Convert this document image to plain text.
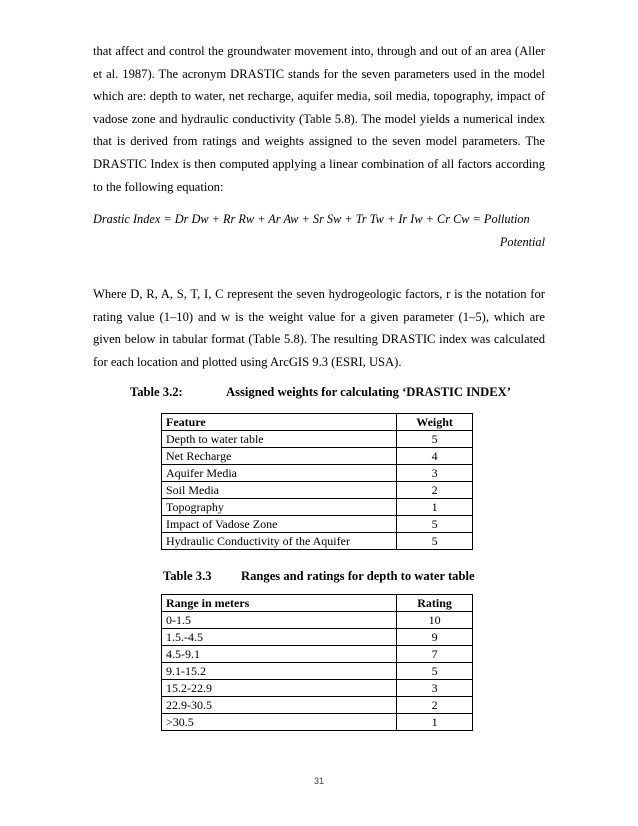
that affect and control the groundwater movement into, through and out of an area (Aller et al. 1987). The acronym DRASTIC stands for the seven parameters used in the model which are: depth to water, net recharge, aquifer media, soil media, topography, impact of vadose zone and hydraulic conductivity (Table 5.8). The model yields a numerical index that is derived from ratings and weights assigned to the seven model parameters. The DRASTIC Index is then computed applying a linear combination of all factors according to the following equation:

Drastic Index = Dr Dw + Rr Rw + Ar Aw + Sr Sw + Tr Tw + Ir Iw + Cr Cw = Pollution
Potential

Where D, R, A, S, T, I, C represent the seven hydrogeologic factors, r is the notation for rating value (1–10) and w is the weight value for a given parameter (1–5), which are given below in tabular format (Table 5.8). The resulting DRASTIC index was calculated for each location and plotted using ArcGIS 9.3 (ESRI, USA).

Table 3.2:	Assigned weights for calculating ‘DRASTIC INDEX’
Feature	Weight
Depth to water table	5
Net Recharge	4
Aquifer Media	3
Soil Media	2
Topography	1
Impact of Vadose Zone	5
Hydraulic Conductivity of the Aquifer	5
Table 3.3 Ranges and ratings for depth to water table
Range in meters	Rating
0-1.5	10
1.5.-4.5	9
4.5-9.1	7
9.1-15.2	5
15.2-22.9	3
22.9-30.5	2
>30.5	1
31
